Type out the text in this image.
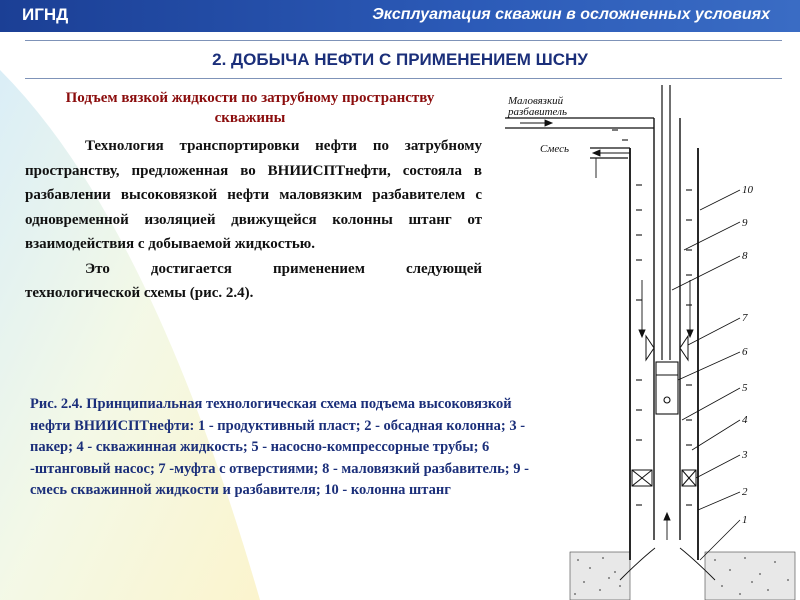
ИГНД	Эксплуатация скважин в осложненных условиях
2. ДОБЫЧА НЕФТИ С ПРИМЕНЕНИЕМ ШСНУ
Подъем вязкой жидкости по затрубному пространству скважины

Технология транспортировки нефти по затрубному пространству, предложенная во ВНИИСПТнефти, состояла в разбавлении высоковязкой нефти маловязким разбавителем с одновременной изоляцией движущейся колонны штанг от взаимодействия с добываемой жидкостью.

Это достигается применением следующей технологической схемы (рис. 2.4).

Рис. 2.4. Принципиальная технологическая схема подъема высоковязкой нефти ВНИИСПТнефти: 1 - продуктивный пласт; 2 - обсадная колонна; 3 - пакер; 4 - скважинная жидкость; 5 - насосно-компрессорные трубы; 6 -штанговый насос; 7 -муфта с отверстиями; 8 - маловязкий разбавитель; 9 - смесь скважинной жидкости и разбавителя; 10 - колонна штанг
Маловязкий
разбавитель
Смесь
10
9
8
7
6
5
4
3
2
1
